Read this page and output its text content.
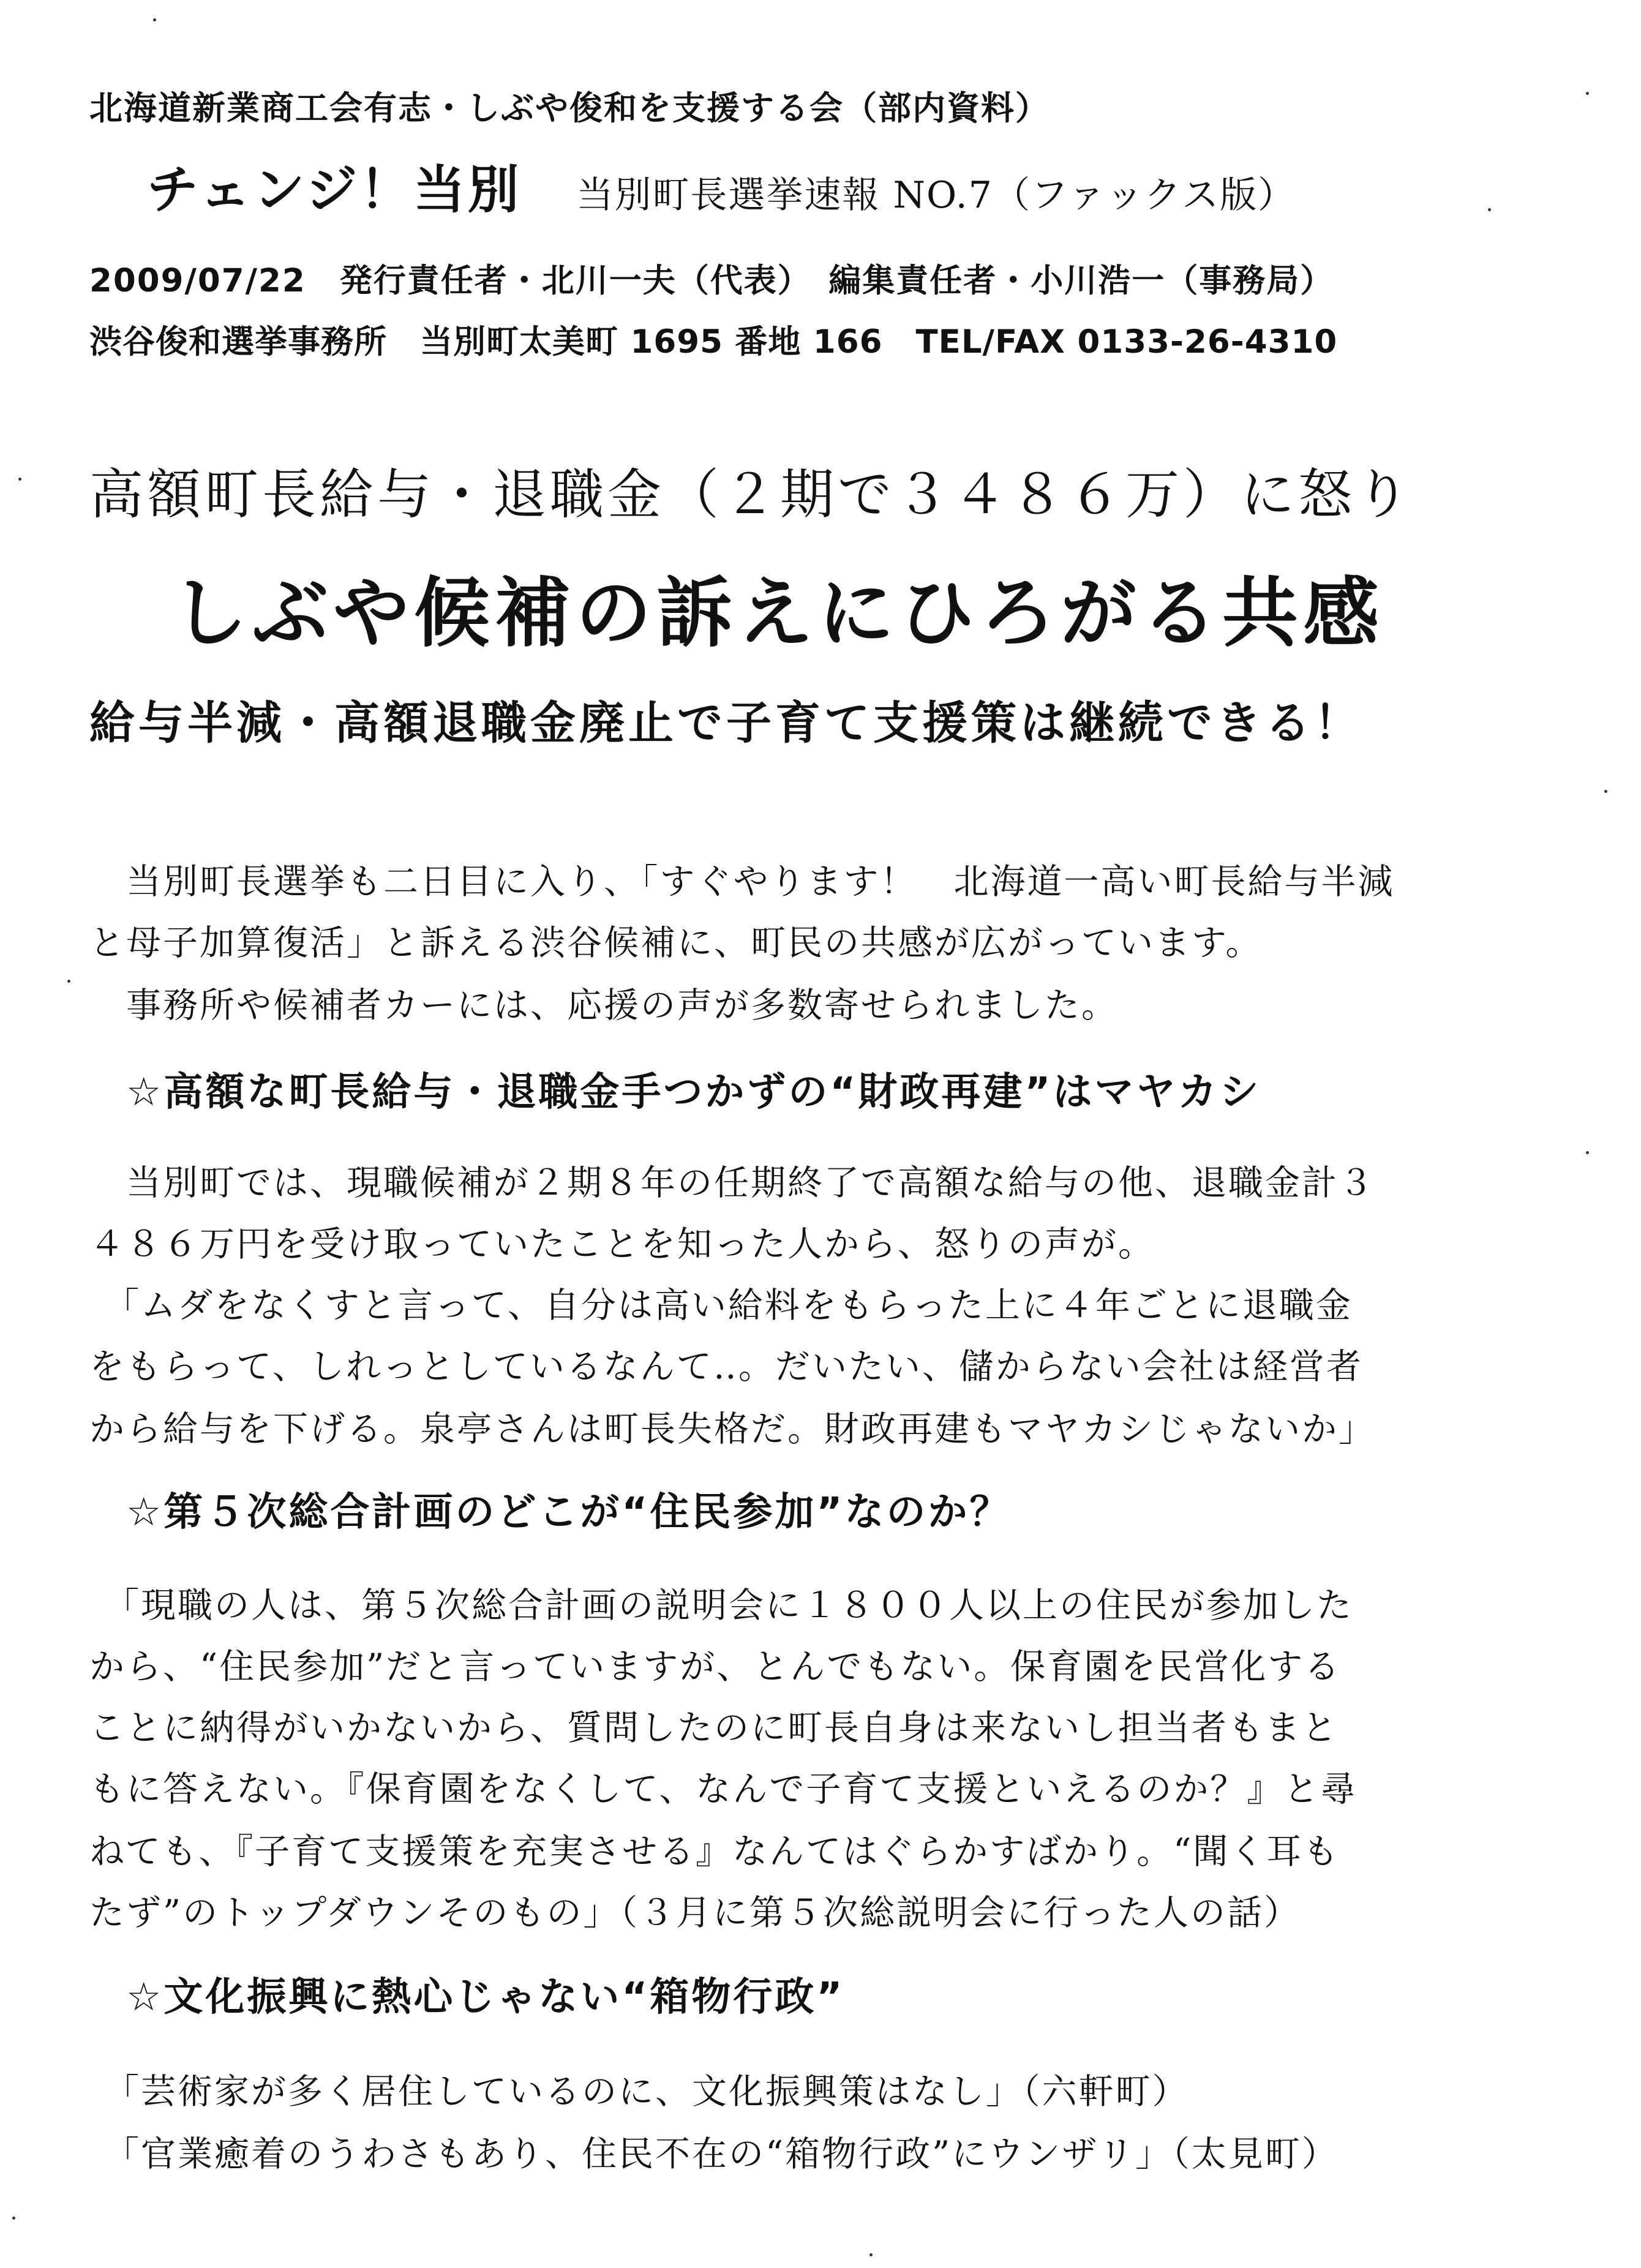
北海道新業商工会有志・しぶや俊和を支援する会（部内資料）
チェンジ！当別 当別町長選挙速報 NO.7（ファックス版）
2009/07/22　発行責任者・北川一夫（代表）　編集責任者・小川浩一（事務局）
渋谷俊和選挙事務所　当別町太美町 1695 番地 166　TEL/FAX 0133-26-4310
高額町長給与・退職金（２期で３４８６万）に怒り
しぶや候補の訴えにひろがる共感
給与半減・高額退職金廃止で子育て支援策は継続できる！
当別町長選挙も二日目に入り、「すぐやります！　北海道一高い町長給与半減
と母子加算復活」と訴える渋谷候補に、町民の共感が広がっています。
事務所や候補者カーには、応援の声が多数寄せられました。
☆高額な町長給与・退職金手つかずの“財政再建”はマヤカシ
当別町では、現職候補が２期８年の任期終了で高額な給与の他、退職金計３
４８６万円を受け取っていたことを知った人から、怒りの声が。
「ムダをなくすと言って、自分は高い給料をもらった上に４年ごとに退職金
をもらって、しれっとしているなんて‥。だいたい、儲からない会社は経営者
から給与を下げる。泉亭さんは町長失格だ。財政再建もマヤカシじゃないか」
☆第５次総合計画のどこが“住民参加”なのか？
「現職の人は、第５次総合計画の説明会に１８００人以上の住民が参加した
から、“住民参加”だと言っていますが、とんでもない。保育園を民営化する
ことに納得がいかないから、質問したのに町長自身は来ないし担当者もまと
もに答えない。『保育園をなくして、なんで子育て支援といえるのか？』と尋
ねても、『子育て支援策を充実させる』なんてはぐらかすばかり。“聞く耳も
たず”のトップダウンそのもの」（３月に第５次総説明会に行った人の話）
☆文化振興に熱心じゃない“箱物行政”
「芸術家が多く居住しているのに、文化振興策はなし」（六軒町）
「官業癒着のうわさもあり、住民不在の“箱物行政”にウンザリ」（太見町）
